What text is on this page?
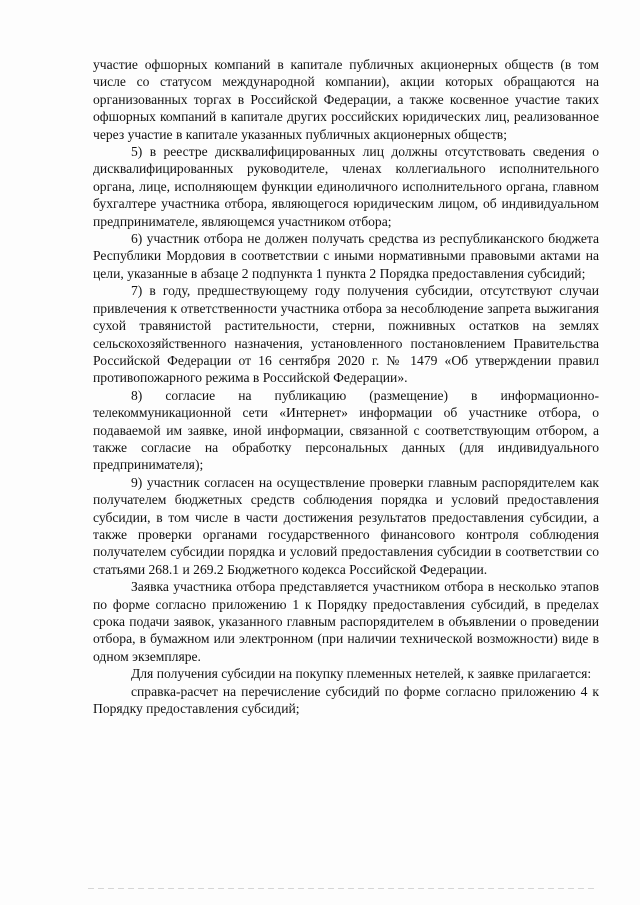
участие офшорных компаний в капитале публичных акционерных обществ (в том числе со статусом международной компании), акции которых обращаются на организованных торгах в Российской Федерации, а также косвенное участие таких офшорных компаний в капитале других российских юридических лиц, реализованное через участие в капитале указанных публичных акционерных обществ;

5) в реестре дисквалифицированных лиц должны отсутствовать сведения о дисквалифицированных руководителе, членах коллегиального исполнительного органа, лице, исполняющем функции единоличного исполнительного органа, главном бухгалтере участника отбора, являющегося юридическим лицом, об индивидуальном предпринимателе, являющемся участником отбора;

6) участник отбора не должен получать средства из республиканского бюджета Республики Мордовия в соответствии с иными нормативными правовыми актами на цели, указанные в абзаце 2 подпункта 1 пункта 2 Порядка предоставления субсидий;

7) в году, предшествующему году получения субсидии, отсутствуют случаи привлечения к ответственности участника отбора за несоблюдение запрета выжигания сухой травянистой растительности, стерни, пожнивных остатков на землях сельскохозяйственного назначения, установленного постановлением Правительства Российской Федерации от 16 сентября 2020 г. № 1479 «Об утверждении правил противопожарного режима в Российской Федерации».

8) согласие на публикацию (размещение) в информационно-телекоммуникационной сети «Интернет» информации об участнике отбора, о подаваемой им заявке, иной информации, связанной с соответствующим отбором, а также согласие на обработку персональных данных (для индивидуального предпринимателя);

9) участник согласен на осуществление проверки главным распорядителем как получателем бюджетных средств соблюдения порядка и условий предоставления субсидии, в том числе в части достижения результатов предоставления субсидии, а также проверки органами государственного финансового контроля соблюдения получателем субсидии порядка и условий предоставления субсидии в соответствии со статьями 268.1 и 269.2 Бюджетного кодекса Российской Федерации.

Заявка участника отбора представляется участником отбора в несколько этапов по форме согласно приложению 1 к Порядку предоставления субсидий, в пределах срока подачи заявок, указанного главным распорядителем в объявлении о проведении отбора, в бумажном или электронном (при наличии технической возможности) виде в одном экземпляре.

Для получения субсидии на покупку племенных нетелей, к заявке прилагается:

справка-расчет на перечисление субсидий по форме согласно приложению 4 к Порядку предоставления субсидий;
